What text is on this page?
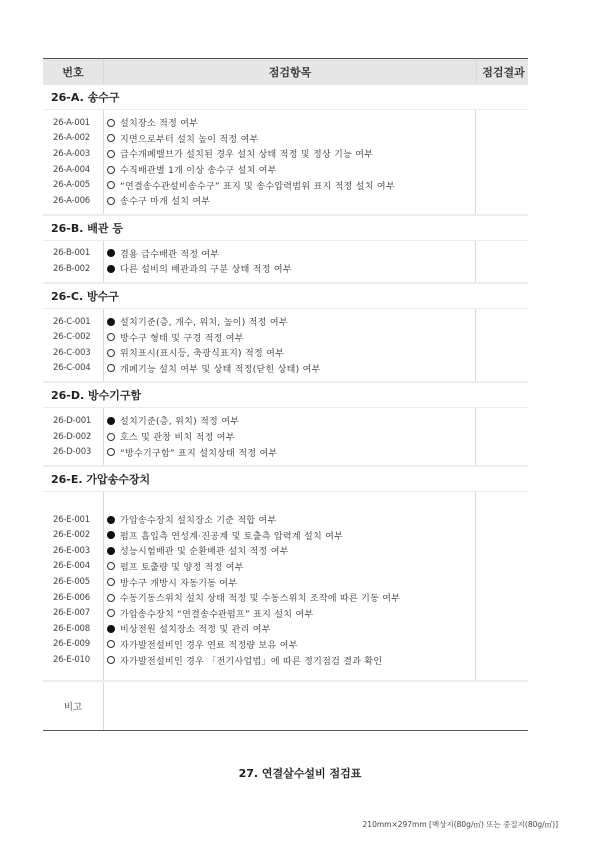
번호	점검항목	점검결과
26-A. 송수구
26-A-001
26-A-002
26-A-003
26-A-004
26-A-005
26-A-006
설치장소 적정 여부
지면으로부터 설치 높이 적정 여부
급수개폐밸브가 설치된 경우 설치 상태 적정 및 정상 기능 여부
수직배관별 1개 이상 송수구 설치 여부
“연결송수관설비송수구” 표지 및 송수압력범위 표지 적정 설치 여부
송수구 마개 설치 여부
26-B. 배관 등
26-B-001
26-B-002
겸용 급수배관 적정 여부
다른 설비의 배관과의 구분 상태 적정 여부
26-C. 방수구
26-C-001
26-C-002
26-C-003
26-C-004
설치기준(층, 개수, 위치, 높이) 적정 여부
방수구 형태 및 구경 적정 여부
위치표시(표시등, 축광식표지) 적정 여부
개폐기능 설치 여부 및 상태 적정(닫힌 상태) 여부
26-D. 방수기구함
26-D-001
26-D-002
26-D-003
설치기준(층, 위치) 적정 여부
호스 및 관창 비치 적정 여부
“방수기구함” 표지 설치상태 적정 여부
26-E. 가압송수장치
26-E-001
26-E-002
26-E-003
26-E-004
26-E-005
26-E-006
26-E-007
26-E-008
26-E-009
26-E-010
가압송수장치 설치장소 기준 적합 여부
펌프 흡입측 연성계·진공계 및 토출측 압력계 설치 여부
성능시험배관 및 순환배관 설치 적정 여부
펌프 토출량 및 양정 적정 여부
방수구 개방시 자동기동 여부
수동기동스위치 설치 상태 적정 및 수동스위치 조작에 따른 기동 여부
가압송수장치 “연결송수관펌프” 표지 설치 여부
비상전원 설치장소 적정 및 관리 여부
자가발전설비인 경우 연료 적정량 보유 여부
자가발전설비인 경우 「전기사업법」에 따른 정기점검 결과 확인
비고
27. 연결살수설비 점검표
210mm×297mm [백상지(80g/㎡) 또는 중질지(80g/㎡)]
